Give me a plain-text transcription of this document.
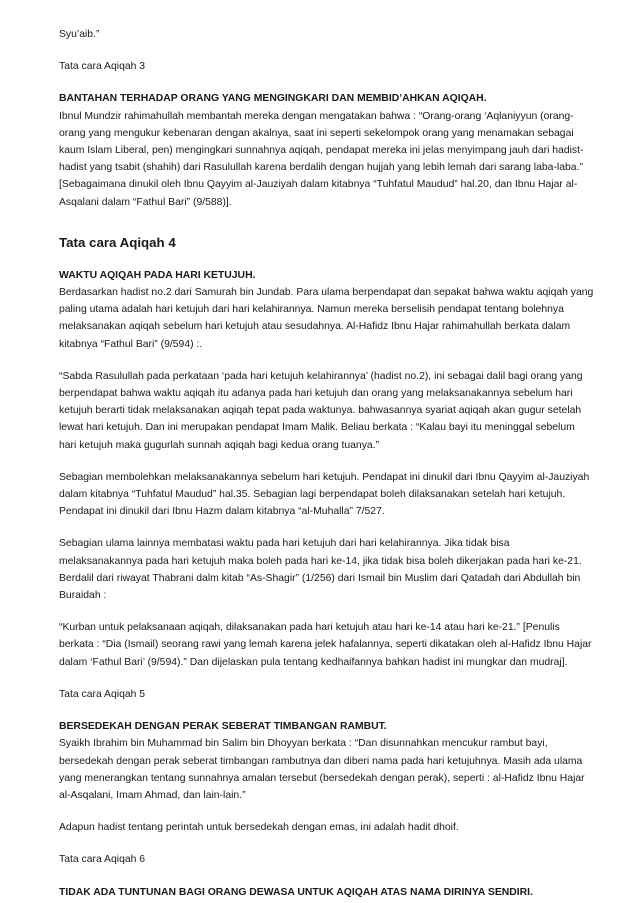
Syu’aib.”

Tata cara Aqiqah 3

BANTAHAN TERHADAP ORANG YANG MENGINGKARI DAN MEMBID’AHKAN AQIQAH.

Ibnul Mundzir rahimahullah membantah mereka dengan mengatakan bahwa : “Orang-orang ‘Aqlaniyyun (orang-orang yang mengukur kebenaran dengan akalnya, saat ini seperti sekelompok orang yang menamakan sebagai kaum Islam Liberal, pen) mengingkari sunnahnya aqiqah, pendapat mereka ini jelas menyimpang jauh dari hadist-hadist yang tsabit (shahih) dari Rasulullah karena berdalih dengan hujjah yang lebih lemah dari sarang laba-laba.” [Sebagaimana dinukil oleh Ibnu Qayyim al-Jauziyah dalam kitabnya “Tuhfatul Maudud” hal.20, dan Ibnu Hajar al-Asqalani dalam “Fathul Bari” (9/588)].

Tata cara Aqiqah 4

WAKTU AQIQAH PADA HARI KETUJUH.

Berdasarkan hadist no.2 dari Samurah bin Jundab. Para ulama berpendapat dan sepakat bahwa waktu aqiqah yang paling utama adalah hari ketujuh dari hari kelahirannya. Namun mereka berselisih pendapat tentang bolehnya melaksanakan aqiqah sebelum hari ketujuh atau sesudahnya. Al-Hafidz Ibnu Hajar rahimahullah berkata dalam kitabnya “Fathul Bari” (9/594) :.

“Sabda Rasulullah pada perkataan ‘pada hari ketujuh kelahirannya’ (hadist no.2), ini sebagai dalil bagi orang yang berpendapat bahwa waktu aqiqah itu adanya pada hari ketujuh dan orang yang melaksanakannya sebelum hari ketujuh berarti tidak melaksanakan aqiqah tepat pada waktunya. bahwasannya syariat aqiqah akan gugur setelah lewat hari ketujuh. Dan ini merupakan pendapat Imam Malik. Beliau berkata : “Kalau bayi itu meninggal sebelum hari ketujuh maka gugurlah sunnah aqiqah bagi kedua orang tuanya.”

Sebagian membolehkan melaksanakannya sebelum hari ketujuh. Pendapat ini dinukil dari Ibnu Qayyim al-Jauziyah dalam kitabnya “Tuhfatul Maudud” hal.35. Sebagian lagi berpendapat boleh dilaksanakan setelah hari ketujuh. Pendapat ini dinukil dari Ibnu Hazm dalam kitabnya “al-Muhalla” 7/527.

Sebagian ulama lainnya membatasi waktu pada hari ketujuh dari hari kelahirannya. Jika tidak bisa melaksanakannya pada hari ketujuh maka boleh pada hari ke-14, jika tidak bisa boleh dikerjakan pada hari ke-21. Berdalil dari riwayat Thabrani dalm kitab “As-Shagir” (1/256) dari Ismail bin Muslim dari Qatadah dari Abdullah bin Buraidah :

“Kurban untuk pelaksanaan aqiqah, dilaksanakan pada hari ketujuh atau hari ke-14 atau hari ke-21.” [Penulis berkata : “Dia (Ismail) seorang rawi yang lemah karena jelek hafalannya, seperti dikatakan oleh al-Hafidz Ibnu Hajar dalam ‘Fathul Bari’ (9/594).” Dan dijelaskan pula tentang kedhaifannya bahkan hadist ini mungkar dan mudraj].

Tata cara Aqiqah 5

BERSEDEKAH DENGAN PERAK SEBERAT TIMBANGAN RAMBUT.

Syaikh Ibrahim bin Muhammad bin Salim bin Dhoyyan berkata : “Dan disunnahkan mencukur rambut bayi, bersedekah dengan perak seberat timbangan rambutnya dan diberi nama pada hari ketujuhnya. Masih ada ulama yang menerangkan tentang sunnahnya amalan tersebut (bersedekah dengan perak), seperti : al-Hafidz Ibnu Hajar al-Asqalani, Imam Ahmad, dan lain-lain.”

Adapun hadist tentang perintah untuk bersedekah dengan emas, ini adalah hadit dhoif.

Tata cara Aqiqah 6

TIDAK ADA TUNTUNAN BAGI ORANG DEWASA UNTUK AQIQAH ATAS NAMA DIRINYA SENDIRI.
